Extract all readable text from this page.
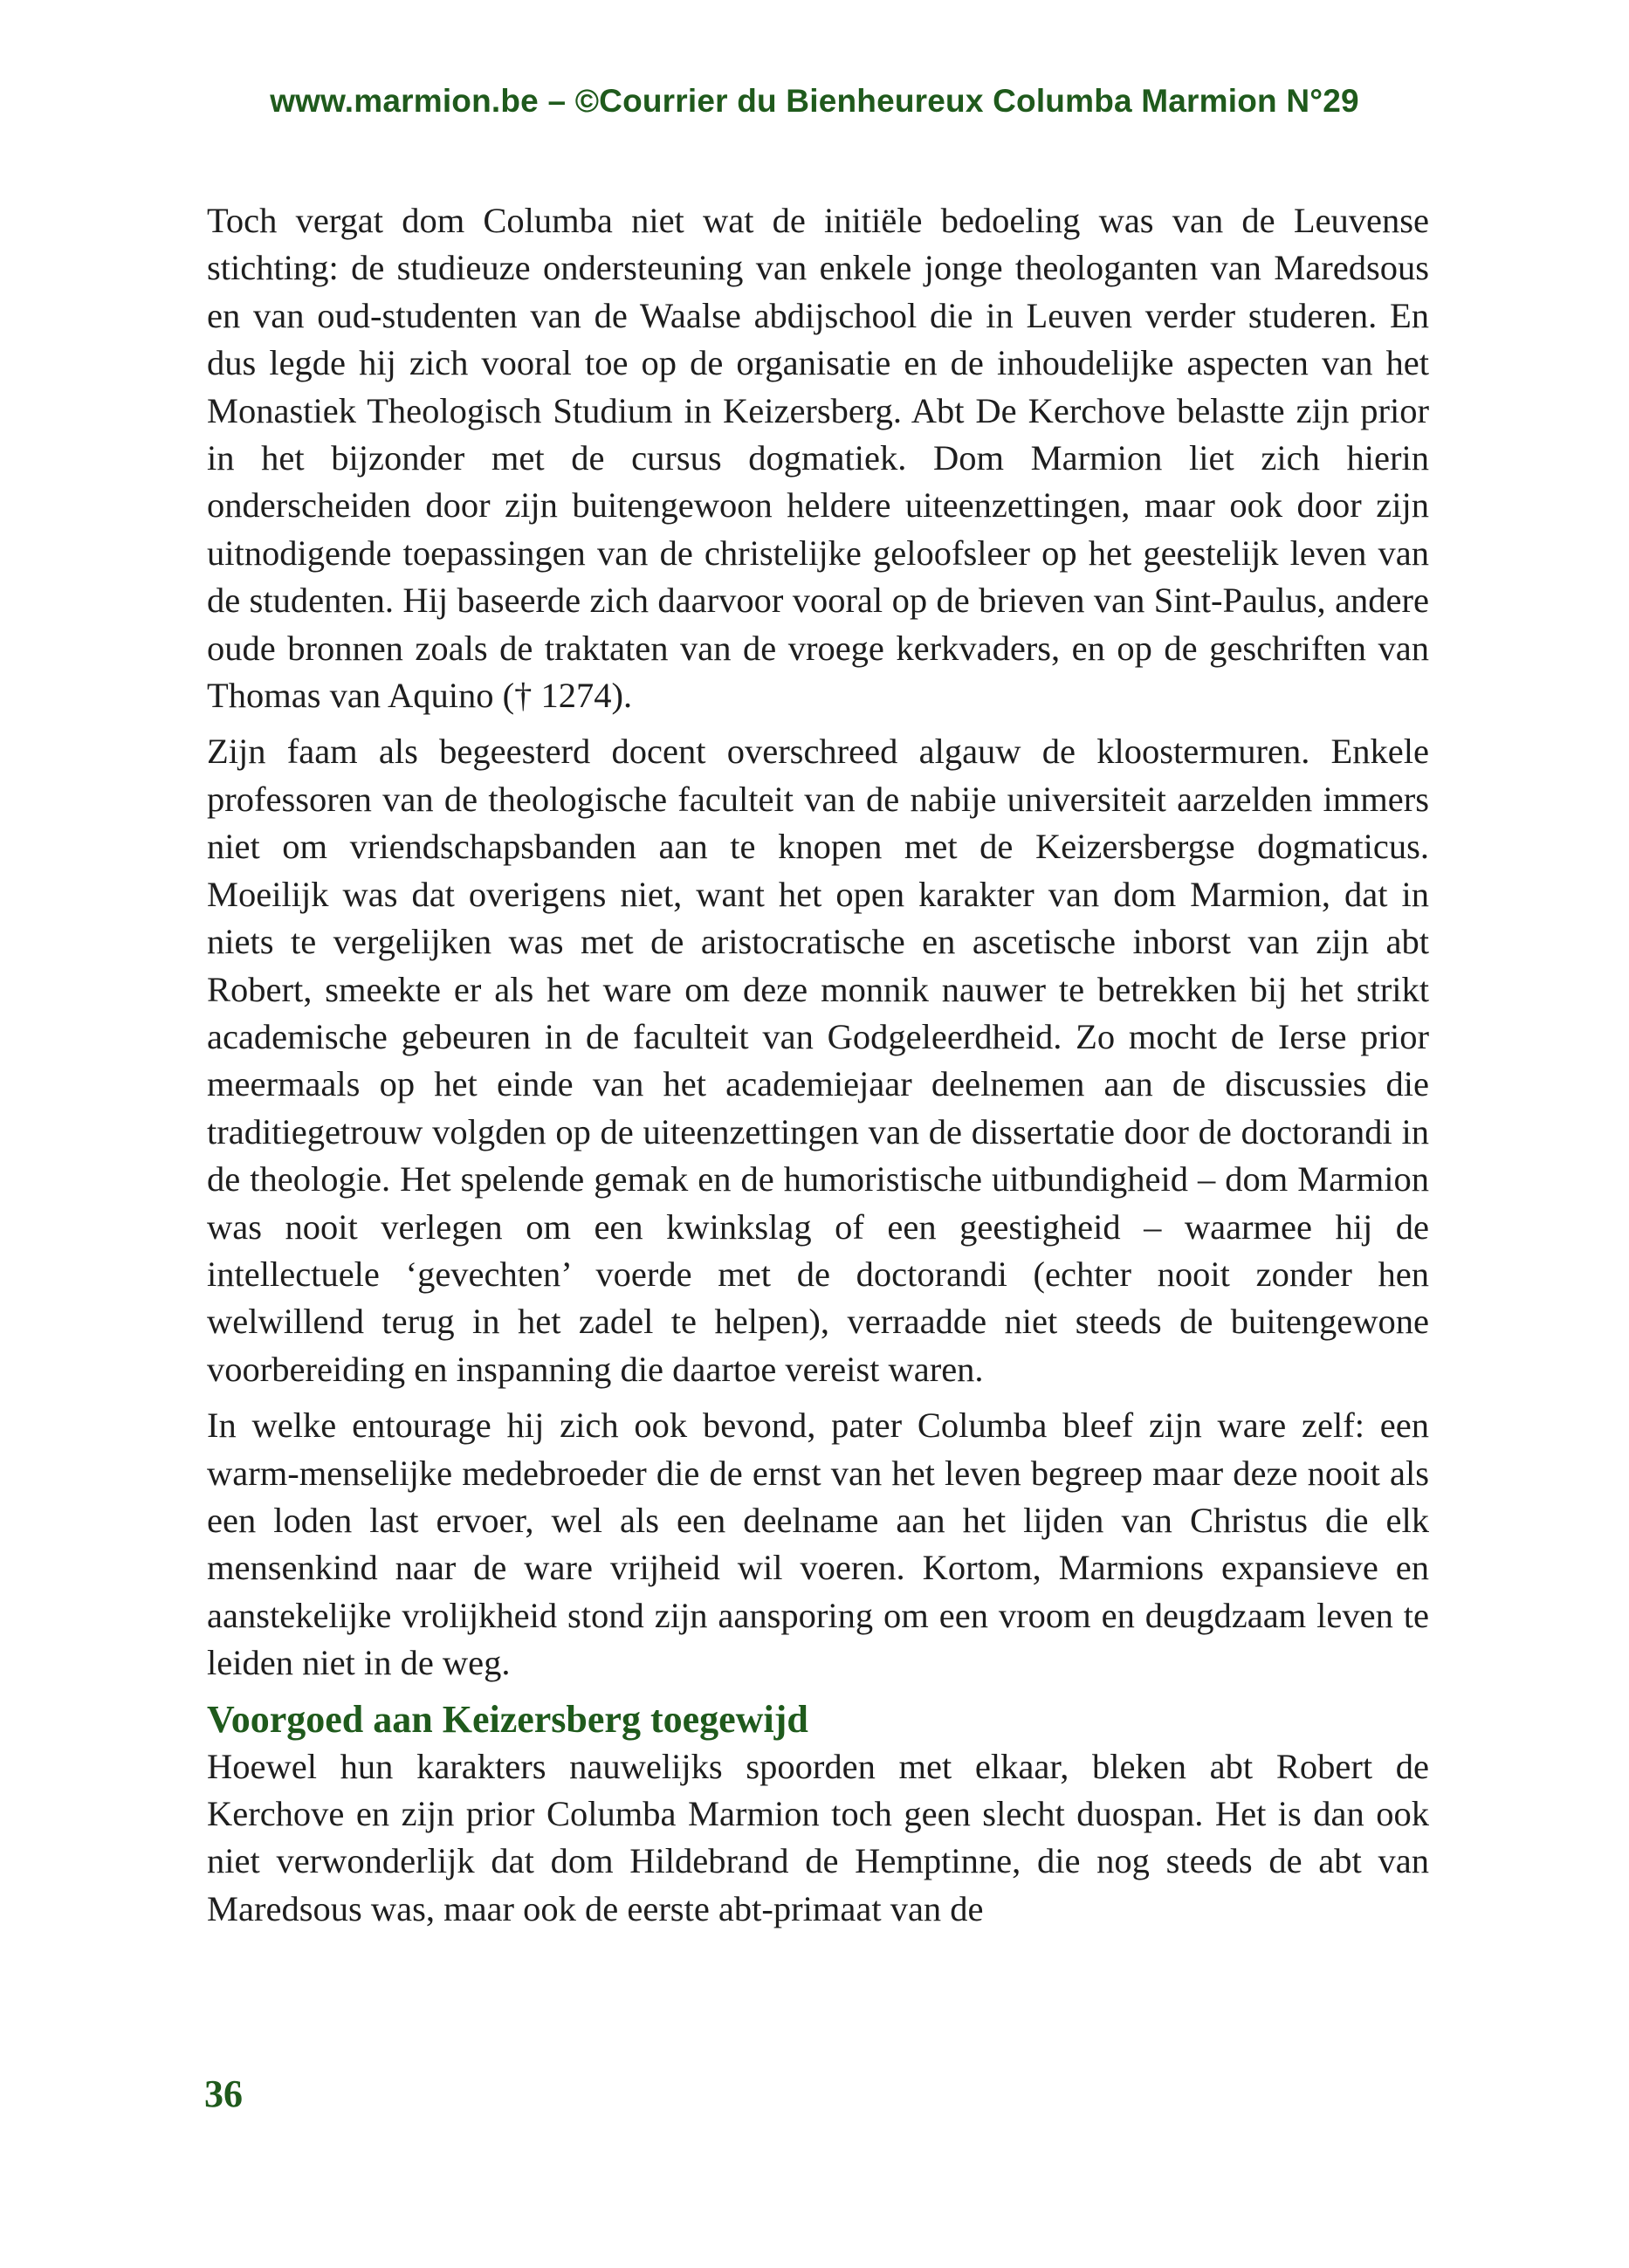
www.marmion.be – ©Courrier du Bienheureux Columba Marmion N°29

Toch vergat dom Columba niet wat de initiële bedoeling was van de Leuvense stichting: de studieuze ondersteuning van enkele jonge theologanten van Maredsous en van oud-studenten van de Waalse abdijschool die in Leuven verder studeren. En dus legde hij zich vooral toe op de organisatie en de inhoudelijke aspecten van het Monastiek Theologisch Studium in Keizersberg. Abt De Kerchove belastte zijn prior in het bijzonder met de cursus dogmatiek. Dom Marmion liet zich hierin onderscheiden door zijn buitengewoon heldere uiteenzettingen, maar ook door zijn uitnodigende toepassingen van de christelijke geloofsleer op het geestelijk leven van de studenten. Hij baseerde zich daarvoor vooral op de brieven van Sint-Paulus, andere oude bronnen zoals de traktaten van de vroege kerkvaders, en op de geschriften van Thomas van Aquino († 1274).

Zijn faam als begeesterd docent overschreed algauw de kloostermuren. Enkele professoren van de theologische faculteit van de nabije universiteit aarzelden immers niet om vriendschapsbanden aan te knopen met de Keizersbergse dogmaticus. Moeilijk was dat overigens niet, want het open karakter van dom Marmion, dat in niets te vergelijken was met de aristocratische en ascetische inborst van zijn abt Robert, smeekte er als het ware om deze monnik nauwer te betrekken bij het strikt academische gebeuren in de faculteit van Godgeleerdheid. Zo mocht de Ierse prior meermaals op het einde van het academiejaar deelnemen aan de discussies die traditiegetrouw volgden op de uiteenzettingen van de dissertatie door de doctorandi in de theologie. Het spelende gemak en de humoristische uitbundigheid – dom Marmion was nooit verlegen om een kwinkslag of een geestigheid – waarmee hij de intellectuele ‘gevechten’ voerde met de doctorandi (echter nooit zonder hen welwillend terug in het zadel te helpen), verraadde niet steeds de buitengewone voorbereiding en inspanning die daartoe vereist waren.

In welke entourage hij zich ook bevond, pater Columba bleef zijn ware zelf: een warm-menselijke medebroeder die de ernst van het leven begreep maar deze nooit als een loden last ervoer, wel als een deelname aan het lijden van Christus die elk mensenkind naar de ware vrijheid wil voeren. Kortom, Marmions expansieve en aanstekelijke vrolijkheid stond zijn aansporing om een vroom en deugdzaam leven te leiden niet in de weg.

Voorgoed aan Keizersberg toegewijd

Hoewel hun karakters nauwelijks spoorden met elkaar, bleken abt Robert de Kerchove en zijn prior Columba Marmion toch geen slecht duospan. Het is dan ook niet verwonderlijk dat dom Hildebrand de Hemptinne, die nog steeds de abt van Maredsous was, maar ook de eerste abt-primaat van de

36
